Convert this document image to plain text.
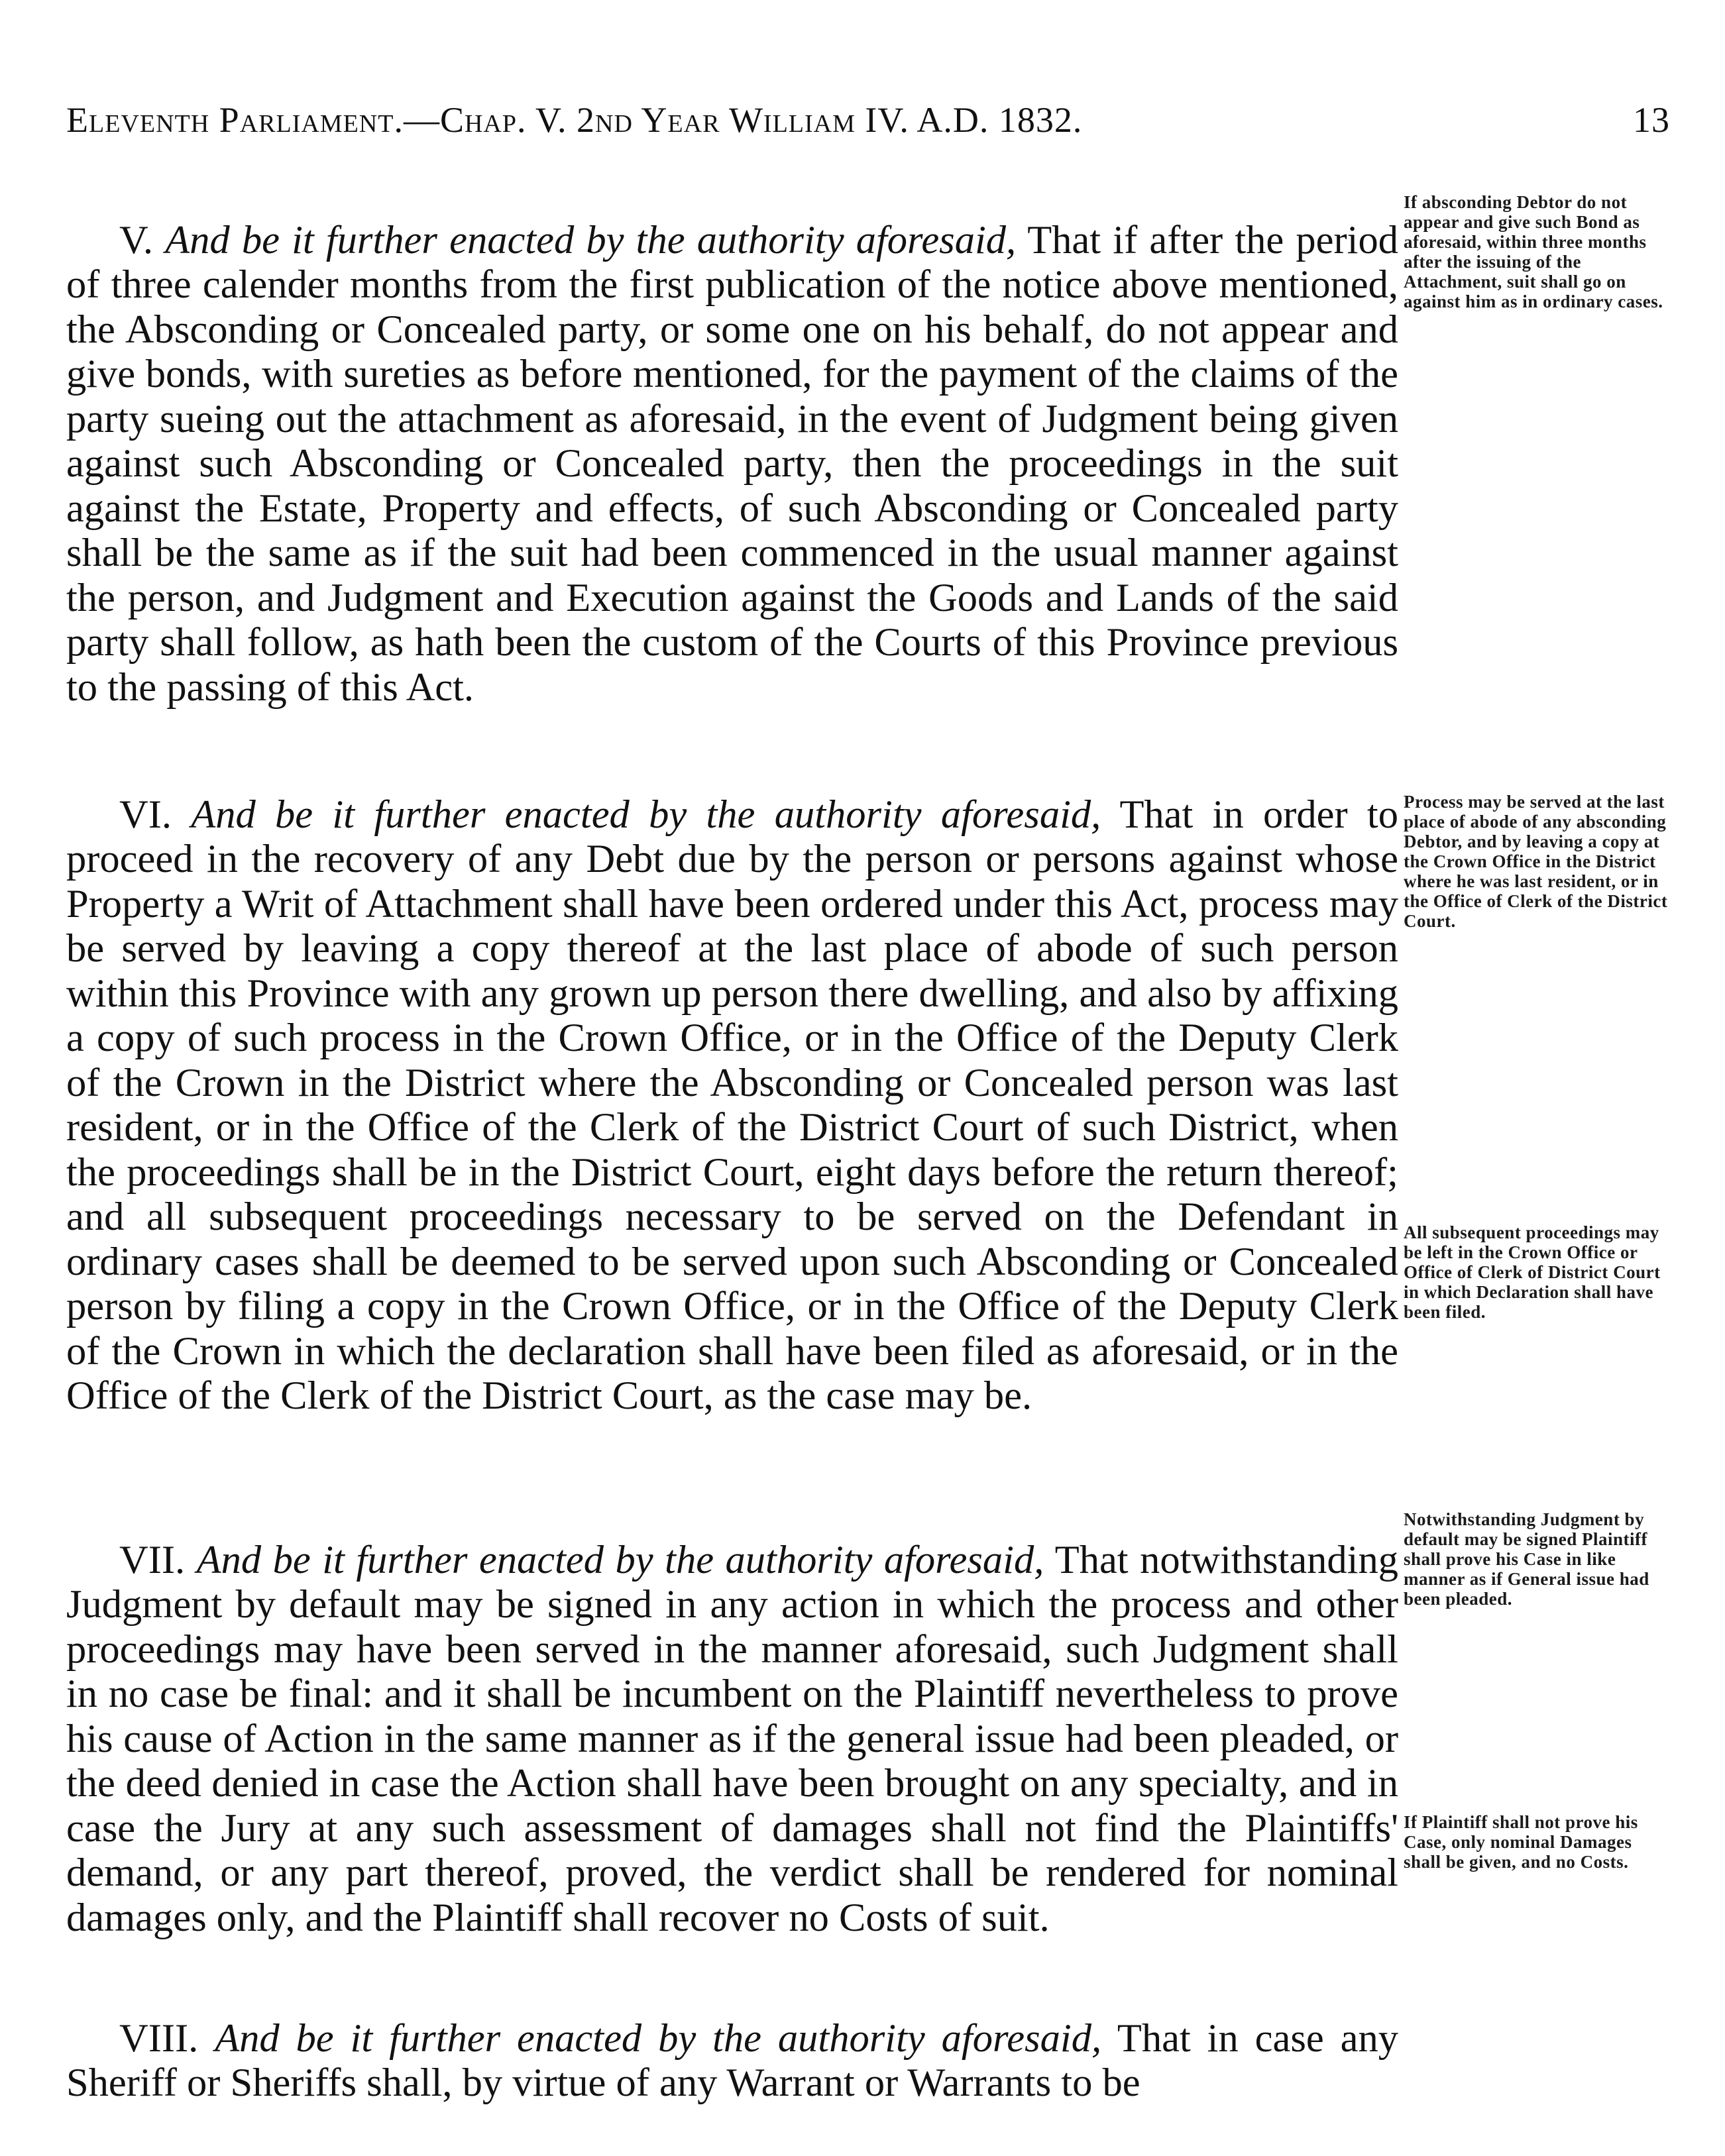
Eleventh Parliament.—Chap. V. 2nd Year William IV. A.D. 1832.	13

V. And be it further enacted by the authority aforesaid, That if after the period of three calender months from the first publication of the notice above mentioned, the Absconding or Concealed party, or some one on his behalf, do not appear and give bonds, with sureties as before mentioned, for the payment of the claims of the party sueing out the attachment as aforesaid, in the event of Judgment being given against such Absconding or Concealed party, then the proceedings in the suit against the Estate, Property and effects, of such Absconding or Concealed party shall be the same as if the suit had been commenced in the usual manner against the person, and Judgment and Execution against the Goods and Lands of the said party shall follow, as hath been the custom of the Courts of this Province previous to the passing of this Act.

If absconding Debtor do not appear and give such Bond as aforesaid, within three months after the issuing of the Attachment, suit shall go on against him as in ordinary cases.

VI. And be it further enacted by the authority aforesaid, That in order to proceed in the recovery of any Debt due by the person or persons against whose Property a Writ of Attachment shall have been ordered under this Act, process may be served by leaving a copy thereof at the last place of abode of such person within this Province with any grown up person there dwelling, and also by affixing a copy of such process in the Crown Office, or in the Office of the Deputy Clerk of the Crown in the District where the Absconding or Concealed person was last resident, or in the Office of the Clerk of the District Court of such District, when the proceedings shall be in the District Court, eight days before the return thereof; and all subsequent proceedings necessary to be served on the Defendant in ordinary cases shall be deemed to be served upon such Absconding or Concealed person by filing a copy in the Crown Office, or in the Office of the Deputy Clerk of the Crown in which the declaration shall have been filed as aforesaid, or in the Office of the Clerk of the District Court, as the case may be.

Process may be served at the last place of abode of any absconding Debtor, and by leaving a copy at the Crown Office in the District where he was last resident, or in the Office of Clerk of the District Court.
All subsequent proceedings may be left in the Crown Office or Office of Clerk of District Court in which Declaration shall have been filed.

VII. And be it further enacted by the authority aforesaid, That notwithstanding Judgment by default may be signed in any action in which the process and other proceedings may have been served in the manner aforesaid, such Judgment shall in no case be final: and it shall be incumbent on the Plaintiff nevertheless to prove his cause of Action in the same manner as if the general issue had been pleaded, or the deed denied in case the Action shall have been brought on any specialty, and in case the Jury at any such assessment of damages shall not find the Plaintiffs' demand, or any part thereof, proved, the verdict shall be rendered for nominal damages only, and the Plaintiff shall recover no Costs of suit.

Notwithstanding Judgment by default may be signed Plaintiff shall prove his Case in like manner as if General issue had been pleaded.
If Plaintiff shall not prove his Case, only nominal Damages shall be given, and no Costs.

VIII. And be it further enacted by the authority aforesaid, That in case any Sheriff or Sheriffs shall, by virtue of any Warrant or Warrants to be
